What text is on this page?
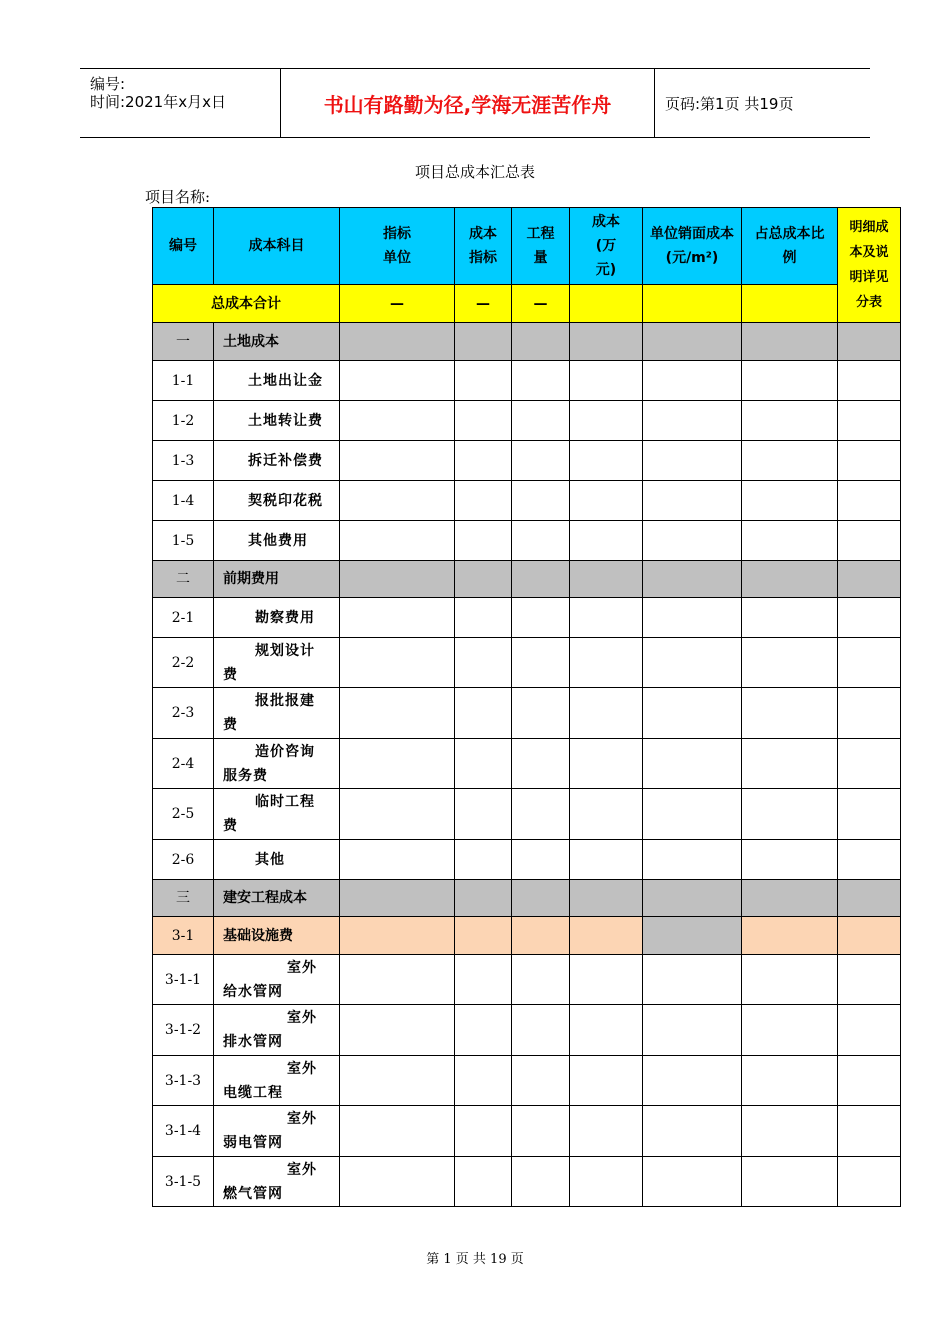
编号:
时间:2021年x月x日	书山有路勤为径,学海无涯苦作舟	页码:第1页 共19页
项目总成本汇总表
项目名称:
编号	成本科目	指标单位	成本指标	工程量	成本(万元)	单位销面成本(元/m²)	占总成本比例	明细成本及说明详见分表

总成本合计		—	—	—				
一	土地成本							
1-1	土地出让金							
1-2	土地转让费							
1-3	拆迁补偿费							
1-4	契税印花税							
1-5	其他费用							
二	前期费用							
2-1	勘察费用							
2-2	规划设计
费							
2-3	报批报建
费							
2-4	造价咨询
服务费							
2-5	临时工程
费							
2-6	其他							
三	建安工程成本							
3-1	基础设施费							
3-1-1	室外
给水管网							
3-1-2	室外
排水管网							
3-1-3	室外
电缆工程							
3-1-4	室外
弱电管网							
3-1-5	室外
燃气管网							
第 1 页 共 19 页
